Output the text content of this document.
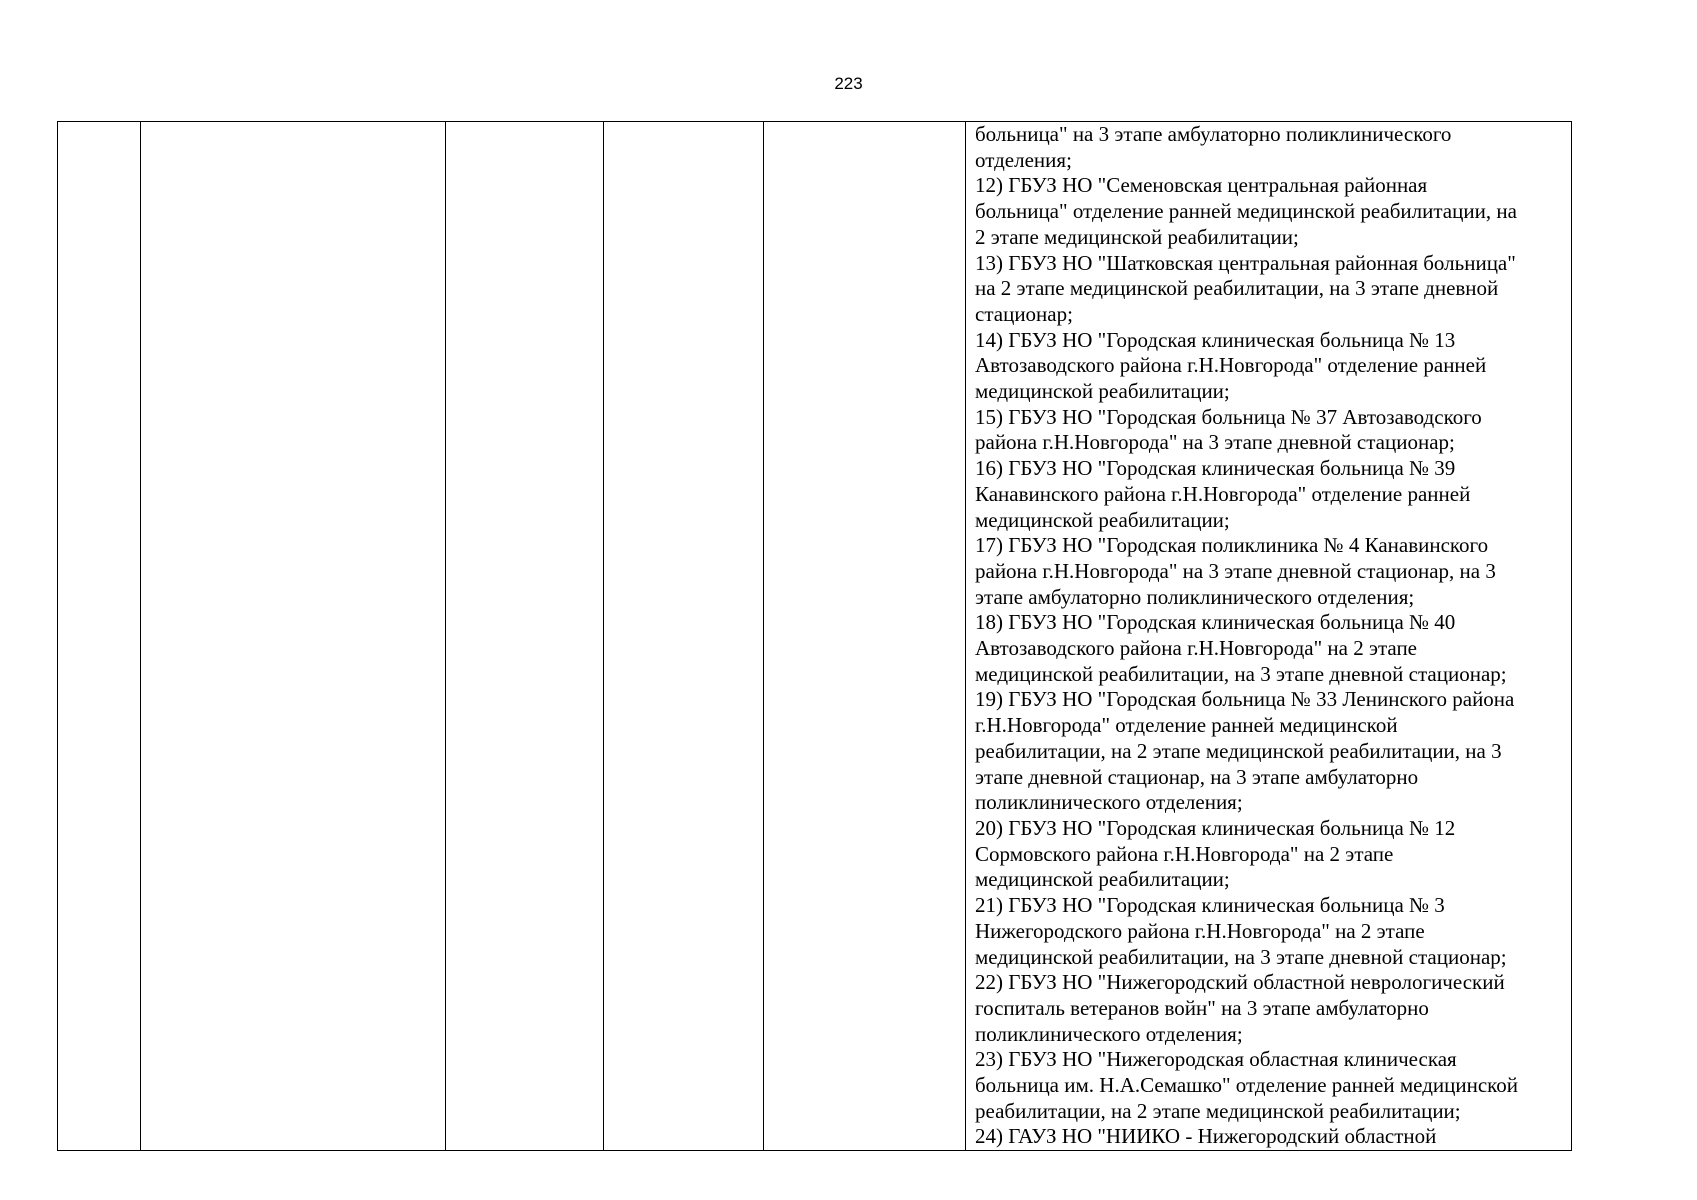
223

больница" на 3 этапе амбулаторно поликлинического
отделения;
12) ГБУЗ НО "Семеновская центральная районная
больница" отделение ранней медицинской реабилитации, на
2 этапе медицинской реабилитации;
13) ГБУЗ НО "Шатковская центральная районная больница"
на 2 этапе медицинской реабилитации, на 3 этапе дневной
стационар;
14) ГБУЗ НО "Городская клиническая больница № 13
Автозаводского района г.Н.Новгорода" отделение ранней
медицинской реабилитации;
15) ГБУЗ НО "Городская больница № 37 Автозаводского
района г.Н.Новгорода" на 3 этапе дневной стационар;
16) ГБУЗ НО "Городская клиническая больница № 39
Канавинского района г.Н.Новгорода" отделение ранней
медицинской реабилитации;
17) ГБУЗ НО "Городская поликлиника № 4 Канавинского
района г.Н.Новгорода" на 3 этапе дневной стационар, на 3
этапе амбулаторно поликлинического отделения;
18) ГБУЗ НО "Городская клиническая больница № 40
Автозаводского района г.Н.Новгорода" на 2 этапе
медицинской реабилитации, на 3 этапе дневной стационар;
19) ГБУЗ НО "Городская больница № 33 Ленинского района
г.Н.Новгорода" отделение ранней медицинской
реабилитации, на 2 этапе медицинской реабилитации, на 3
этапе дневной стационар, на 3 этапе амбулаторно
поликлинического отделения;
20) ГБУЗ НО "Городская клиническая больница № 12
Сормовского района г.Н.Новгорода" на 2 этапе
медицинской реабилитации;
21) ГБУЗ НО "Городская клиническая больница № 3
Нижегородского района г.Н.Новгорода" на 2 этапе
медицинской реабилитации, на 3 этапе дневной стационар;
22) ГБУЗ НО "Нижегородский областной неврологический
госпиталь ветеранов войн" на 3 этапе амбулаторно
поликлинического отделения;
23) ГБУЗ НО "Нижегородская областная клиническая
больница им. Н.А.Семашко" отделение ранней медицинской
реабилитации, на 2 этапе медицинской реабилитации;
24) ГАУЗ НО "НИИКО - Нижегородский областной
